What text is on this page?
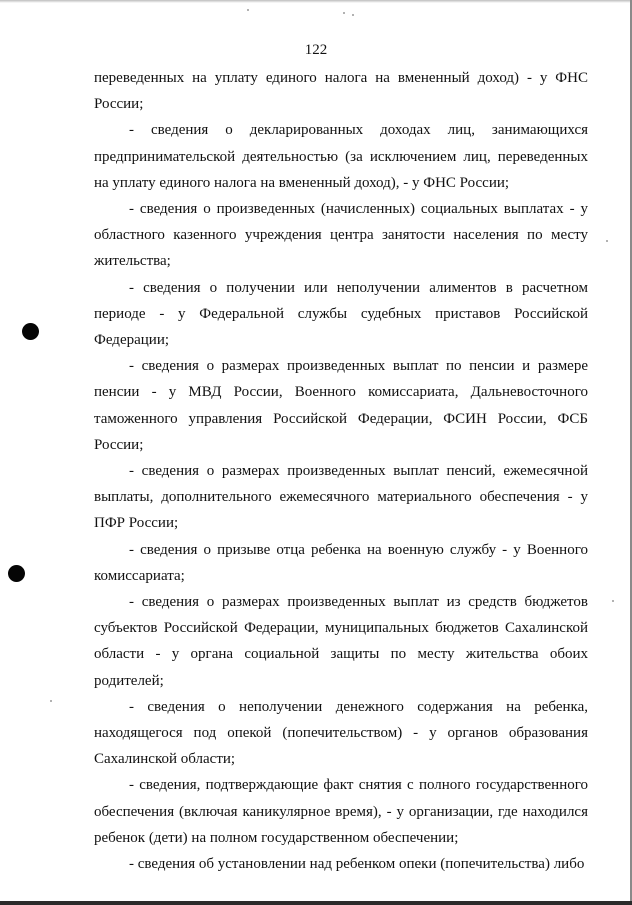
122

переведенных на уплату единого налога на вмененный доход) - у ФНС России;

- сведения о декларированных доходах лиц, занимающихся предпринимательской деятельностью (за исключением лиц, переведенных на уплату единого налога на вмененный доход), - у ФНС России;

- сведения о произведенных (начисленных) социальных выплатах - у областного казенного учреждения центра занятости населения по месту жительства;

- сведения о получении или неполучении алиментов в расчетном периоде - у Федеральной службы судебных приставов Российской Федерации;

- сведения о размерах произведенных выплат по пенсии и размере пенсии - у МВД России, Военного комиссариата, Дальневосточного таможенного управления Российской Федерации, ФСИН России, ФСБ России;

- сведения о размерах произведенных выплат пенсий, ежемесячной выплаты, дополнительного ежемесячного материального обеспечения - у ПФР России;

- сведения о призыве отца ребенка на военную службу - у Военного комиссариата;

- сведения о размерах произведенных выплат из средств бюджетов субъектов Российской Федерации, муниципальных бюджетов Сахалинской области - у органа социальной защиты по месту жительства обоих родителей;

- сведения о неполучении денежного содержания на ребенка, находящегося под опекой (попечительством) - у органов образования Сахалинской области;

- сведения, подтверждающие факт снятия с полного государственного обеспечения (включая каникулярное время), - у организации, где находился ребенок (дети) на полном государственном обеспечении;

- сведения об установлении над ребенком опеки (попечительства) либо
